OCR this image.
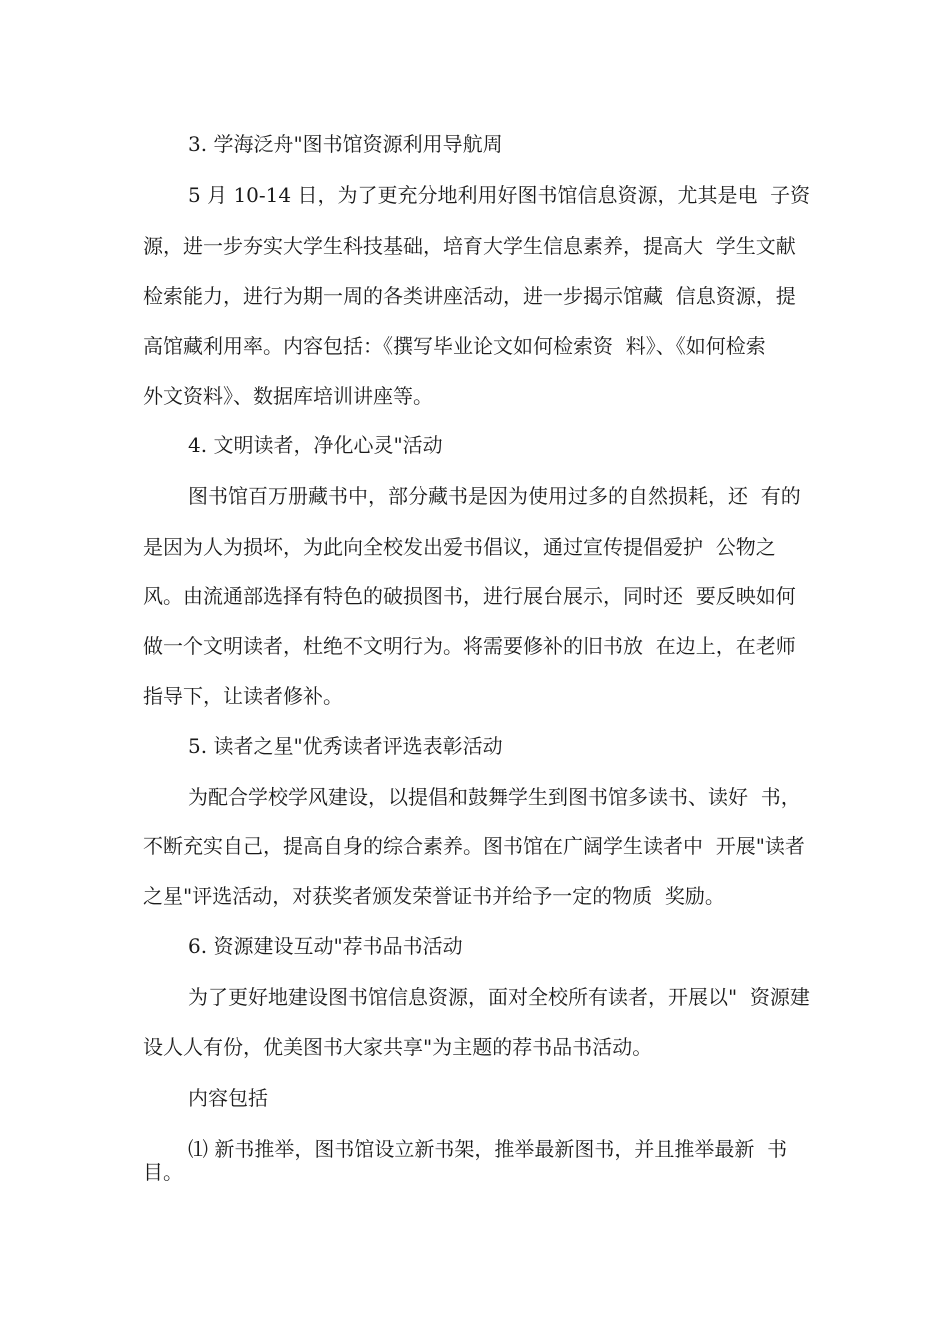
3. 学海泛舟"图书馆资源利用导航周
5 月 10-14 日，为了更充分地利用好图书馆信息资源，尤其是电  子资
源，进一步夯实大学生科技基础，培育大学生信息素养，提高大  学生文献
检索能力，进行为期一周的各类讲座活动，进一步揭示馆藏  信息资源，提
高馆藏利用率。内容包括：《撰写毕业论文如何检索资  料》、《如何检索
外文资料》、数据库培训讲座等。
4. 文明读者，净化心灵"活动
图书馆百万册藏书中，部分藏书是因为使用过多的自然损耗，还  有的
是因为人为损坏，为此向全校发出爱书倡议，通过宣传提倡爱护  公物之
风。由流通部选择有特色的破损图书，进行展台展示，同时还  要反映如何
做一个文明读者，杜绝不文明行为。将需要修补的旧书放  在边上，在老师
指导下，让读者修补。
5. 读者之星"优秀读者评选表彰活动
为配合学校学风建设，以提倡和鼓舞学生到图书馆多读书、读好  书，
不断充实自己，提高自身的综合素养。图书馆在广阔学生读者中  开展"读者
之星"评选活动，对获奖者颁发荣誉证书并给予一定的物质  奖励。
6. 资源建设互动"荐书品书活动
为了更好地建设图书馆信息资源，面对全校所有读者，开展以"  资源建
设人人有份，优美图书大家共享"为主题的荐书品书活动。
内容包括
⑴ 新书推举，图书馆设立新书架，推举最新图书，并且推举最新  书
目。
